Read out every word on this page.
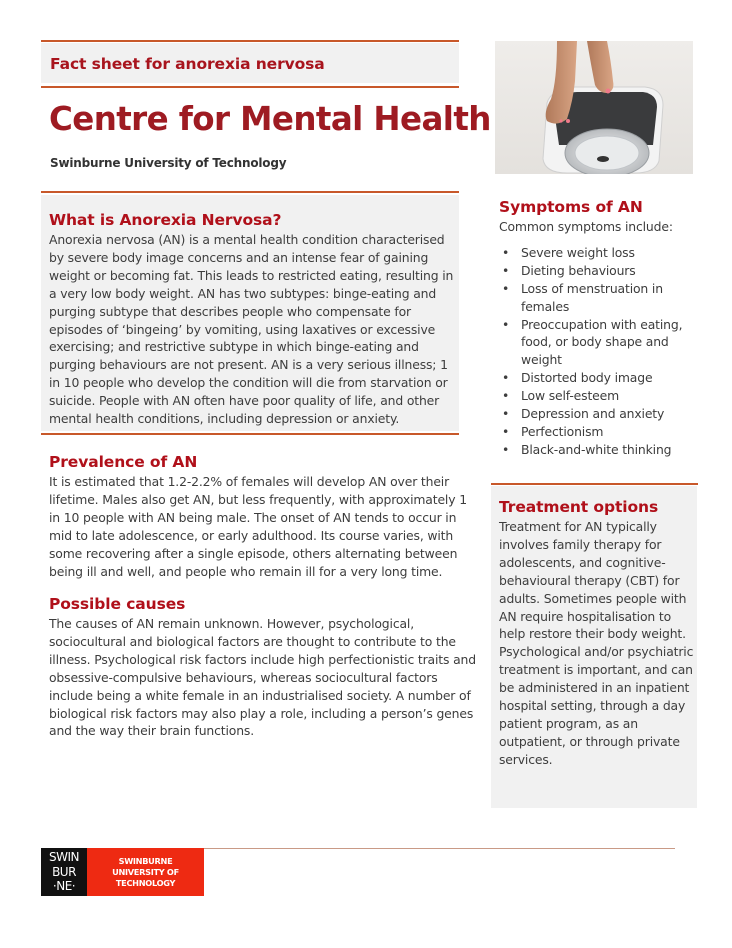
Fact sheet for anorexia nervosa
Centre for Mental Health
Swinburne University of Technology
What is Anorexia Nervosa?

Anorexia nervosa (AN) is a mental health condition characterised by severe body image concerns and an intense fear of gaining weight or becoming fat. This leads to restricted eating, resulting in a very low body weight. AN has two subtypes: binge-eating and purging subtype that describes people who compensate for episodes of ‘bingeing’ by vomiting, using laxatives or excessive exercising; and restrictive subtype in which binge-eating and purging behaviours are not present. AN is a very serious illness; 1 in 10 people who develop the condition will die from starvation or suicide. People with AN often have poor quality of life, and other mental health conditions, including depression or anxiety.

Prevalence of AN

It is estimated that 1.2-2.2% of females will develop AN over their lifetime. Males also get AN, but less frequently, with approximately 1 in 10 people with AN being male. The onset of AN tends to occur in mid to late adolescence, or early adulthood. Its course varies, with some recovering after a single episode, others alternating between being ill and well, and people who remain ill for a very long time.

Possible causes

The causes of AN remain unknown. However, psychological, sociocultural and biological factors are thought to contribute to the illness. Psychological risk factors include high perfectionistic traits and obsessive-compulsive behaviours, whereas sociocultural factors include being a white female in an industrialised society. A number of biological risk factors may also play a role, including a person’s genes and the way their brain functions.

Symptoms of AN

Common symptoms include:

• Severe weight loss
• Dieting behaviours
• Loss of menstruation in females
• Preoccupation with eating, food, or body shape and weight
• Distorted body image
• Low self-esteem
• Depression and anxiety
• Perfectionism
• Black-and-white thinking
Treatment options

Treatment for AN typically involves family therapy for adolescents, and cognitive-behavioural therapy (CBT) for adults. Sometimes people with AN require hospitalisation to help restore their body weight. Psychological and/or psychiatric treatment is important, and can be administered in an inpatient hospital setting, through a day patient program, as an outpatient, or through private services.

SWIN
BUR
·NE·
SWINBURNE
UNIVERSITY OF
TECHNOLOGY
